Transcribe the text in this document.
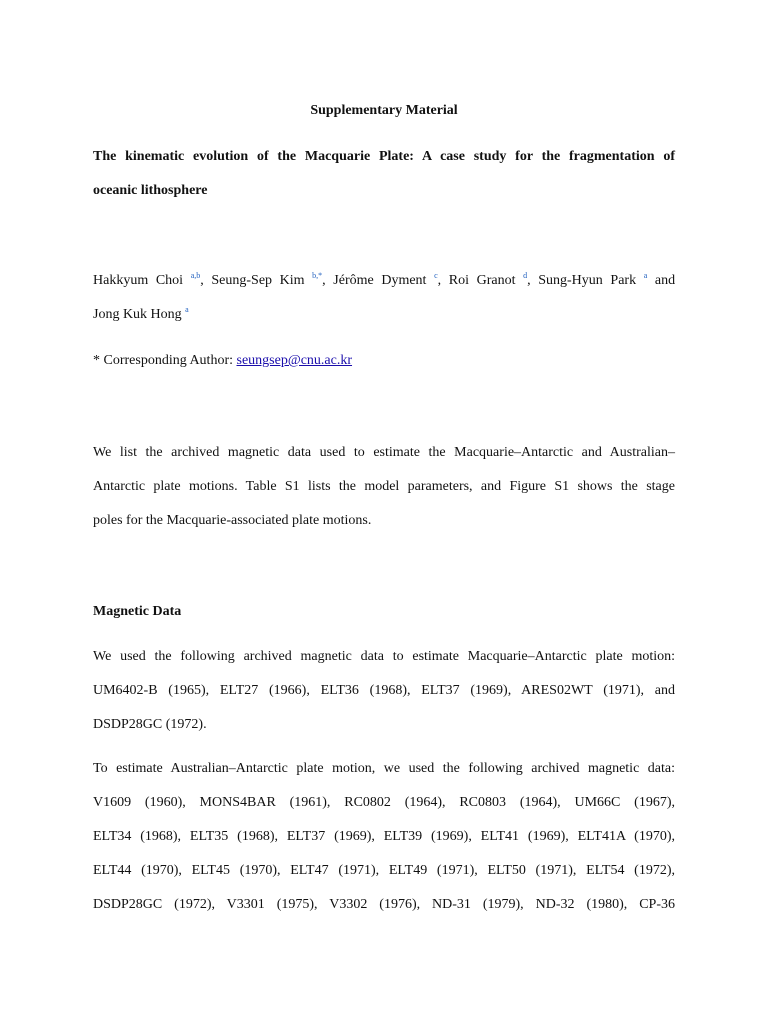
Supplementary Material
The kinematic evolution of the Macquarie Plate: A case study for the fragmentation of
oceanic lithosphere
Hakkyum Choi $^{a,b}$, Seung-Sep Kim $^{b,*}$, Jérôme Dyment $^c$, Roi Granot $^d$, Sung-Hyun Park $^a$ and
Jong Kuk Hong $^a$
* Corresponding Author: seungsep@cnu.ac.kr
We list the archived magnetic data used to estimate the Macquarie–Antarctic and Australian–
Antarctic plate motions. Table S1 lists the model parameters, and Figure S1 shows the stage
poles for the Macquarie-associated plate motions.
Magnetic Data
We used the following archived magnetic data to estimate Macquarie–Antarctic plate motion:
UM6402-B (1965), ELT27 (1966), ELT36 (1968), ELT37 (1969), ARES02WT (1971), and
DSDP28GC (1972).
To estimate Australian–Antarctic plate motion, we used the following archived magnetic data:
V1609 (1960), MONS4BAR (1961), RC0802 (1964), RC0803 (1964), UM66C (1967),
ELT34 (1968), ELT35 (1968), ELT37 (1969), ELT39 (1969), ELT41 (1969), ELT41A (1970),
ELT44 (1970), ELT45 (1970), ELT47 (1971), ELT49 (1971), ELT50 (1971), ELT54 (1972),
DSDP28GC (1972), V3301 (1975), V3302 (1976), ND-31 (1979), ND-32 (1980), CP-36
